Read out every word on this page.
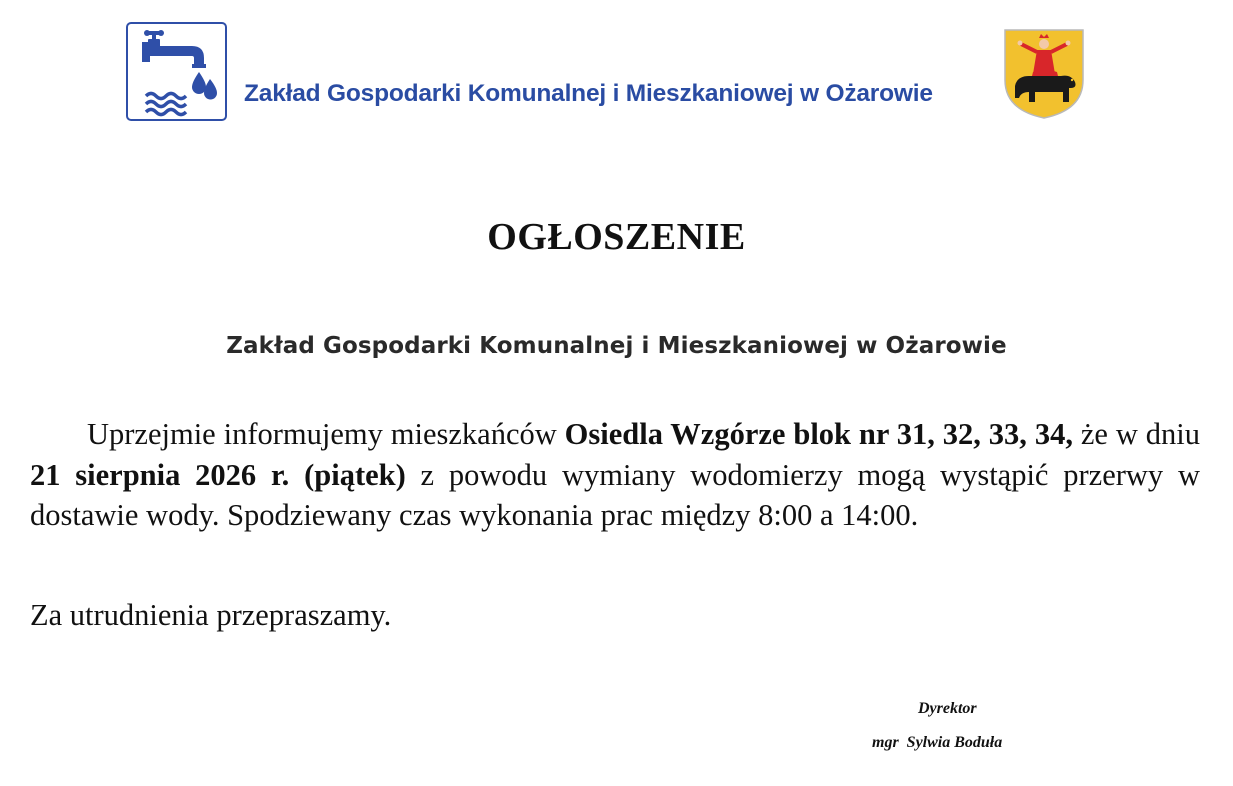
Zakład Gospodarki Komunalnej i Mieszkaniowej w Ożarowie
OGŁOSZENIE
Zakład Gospodarki Komunalnej i Mieszkaniowej w Ożarowie

Uprzejmie informujemy mieszkańców Osiedla Wzgórze blok nr 31, 32, 33, 34, że w dniu 21 sierpnia 2026 r. (piątek) z powodu wymiany wodomierzy mogą wystąpić przerwy w dostawie wody. Spodziewany czas wykonania prac między 8:00 a 14:00.

Za utrudnienia przepraszamy.
Dyrektor
mgr  Sylwia Boduła
